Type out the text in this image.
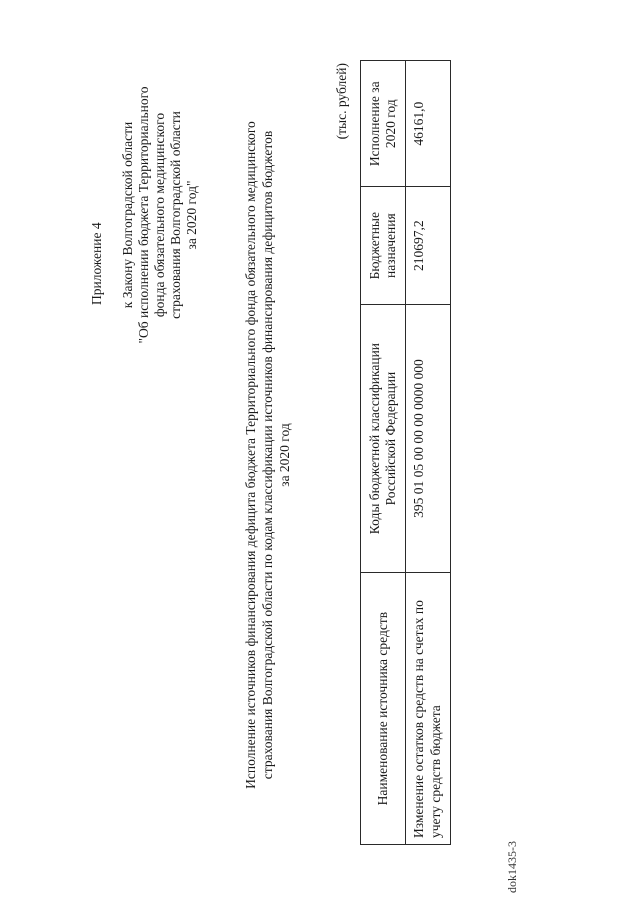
Приложение 4 к Закону Волгоградской области "Об исполнении бюджета Территориального фонда обязательного медицинского страхования Волгоградской области за 2020 год"	Исполнение источников финансирования дефицита бюджета Территориального фонда обязательного медицинского страхования Волгоградской области по кодам классификации источников финансирования дефицитов бюджетов за 2020 год
(тыс. рублей)
Наименование источника средств	Коды бюджетной классификации Российской Федерации	Бюджетные назначения	Исполнение за 2020 год
Изменение остатков средств на счетах по учету средств бюджета	395 01 05 00 00 00 0000 000	210697,2	46161,0
dok1435-3
